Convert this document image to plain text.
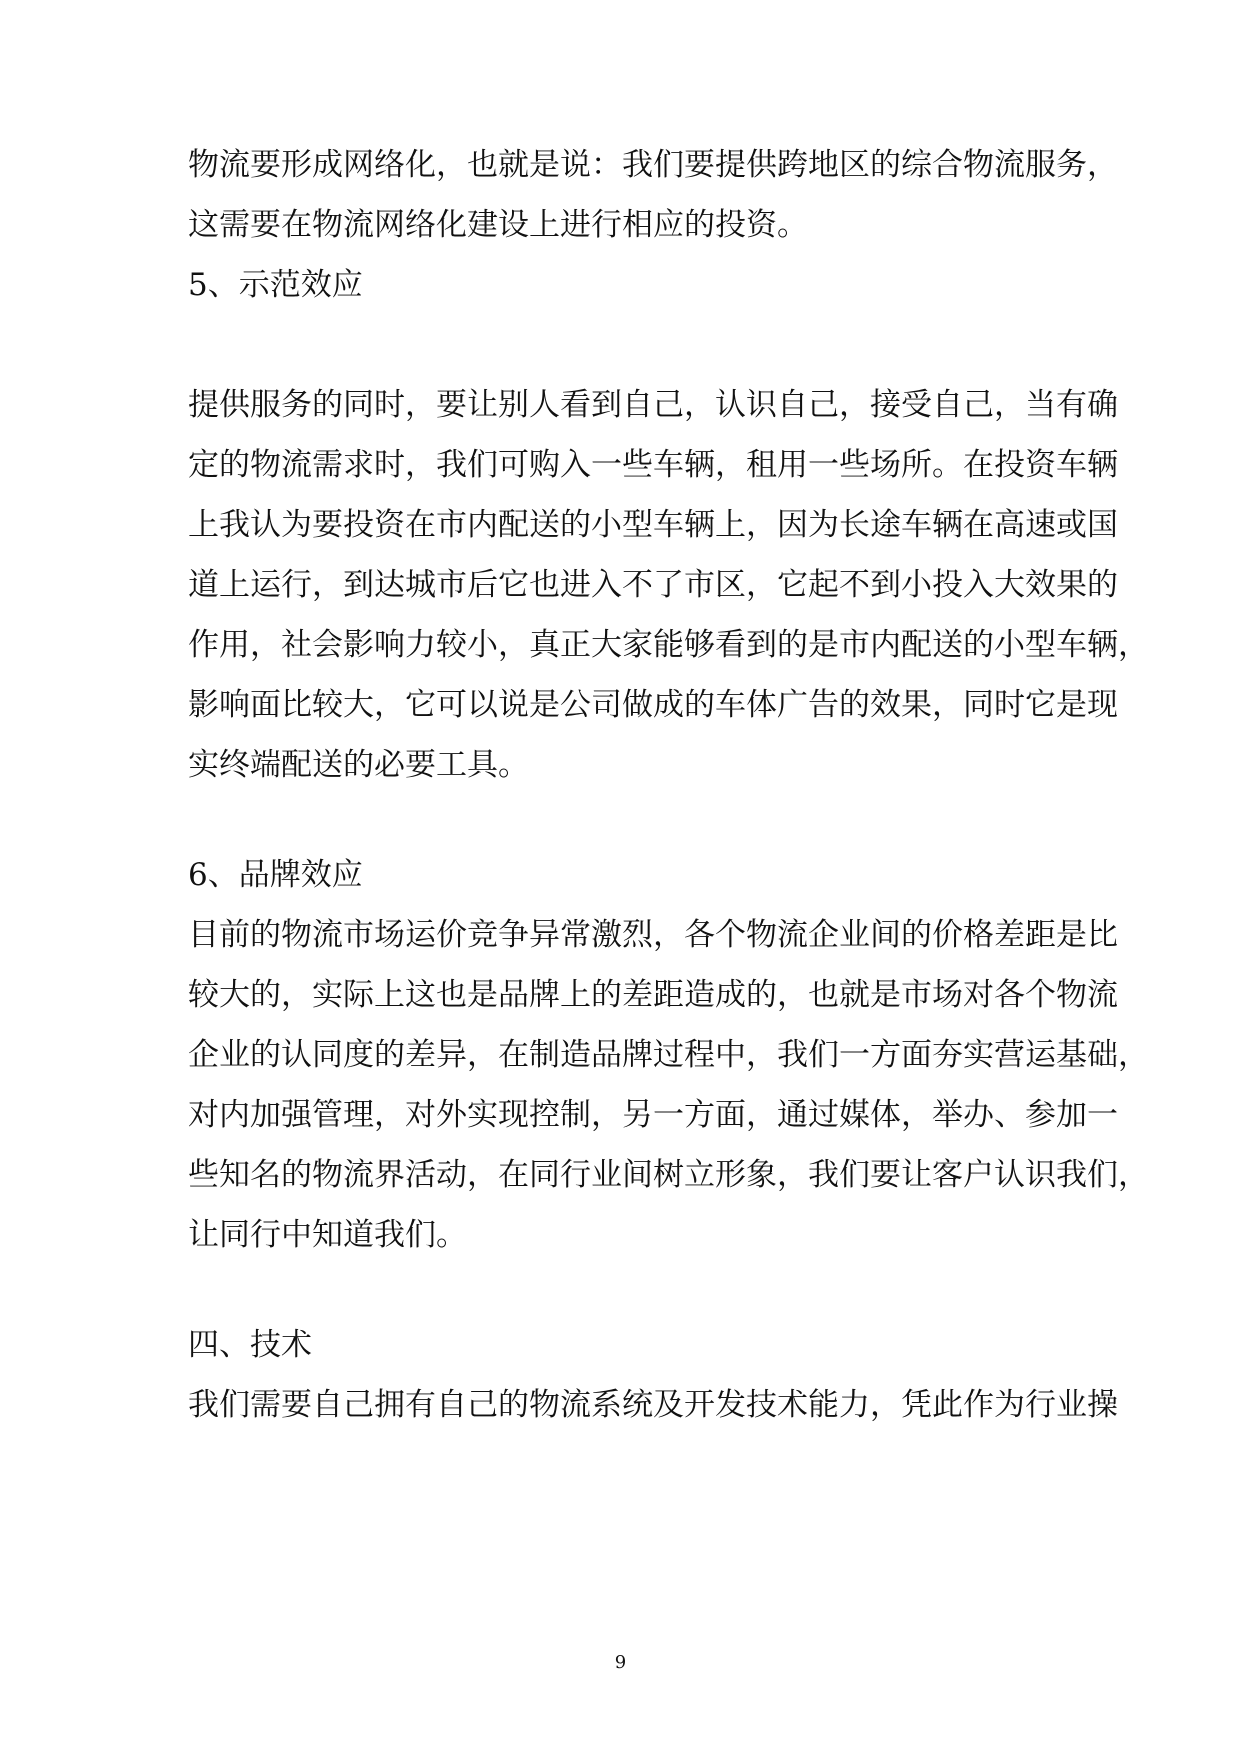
物流要形成网络化，也就是说：我们要提供跨地区的综合物流服务，
这需要在物流网络化建设上进行相应的投资。
5、示范效应
提供服务的同时，要让别人看到自己，认识自己，接受自己，当有确
定的物流需求时，我们可购入一些车辆，租用一些场所。在投资车辆
上我认为要投资在市内配送的小型车辆上，因为长途车辆在高速或国
道上运行，到达城市后它也进入不了市区，它起不到小投入大效果的
作用，社会影响力较小，真正大家能够看到的是市内配送的小型车辆，
影响面比较大，它可以说是公司做成的车体广告的效果，同时它是现
实终端配送的必要工具。
6、品牌效应
目前的物流市场运价竞争异常激烈，各个物流企业间的价格差距是比
较大的，实际上这也是品牌上的差距造成的，也就是市场对各个物流
企业的认同度的差异，在制造品牌过程中，我们一方面夯实营运基础，
对内加强管理，对外实现控制，另一方面，通过媒体，举办、参加一
些知名的物流界活动，在同行业间树立形象，我们要让客户认识我们，
让同行中知道我们。
四、技术
我们需要自己拥有自己的物流系统及开发技术能力，凭此作为行业操
9
